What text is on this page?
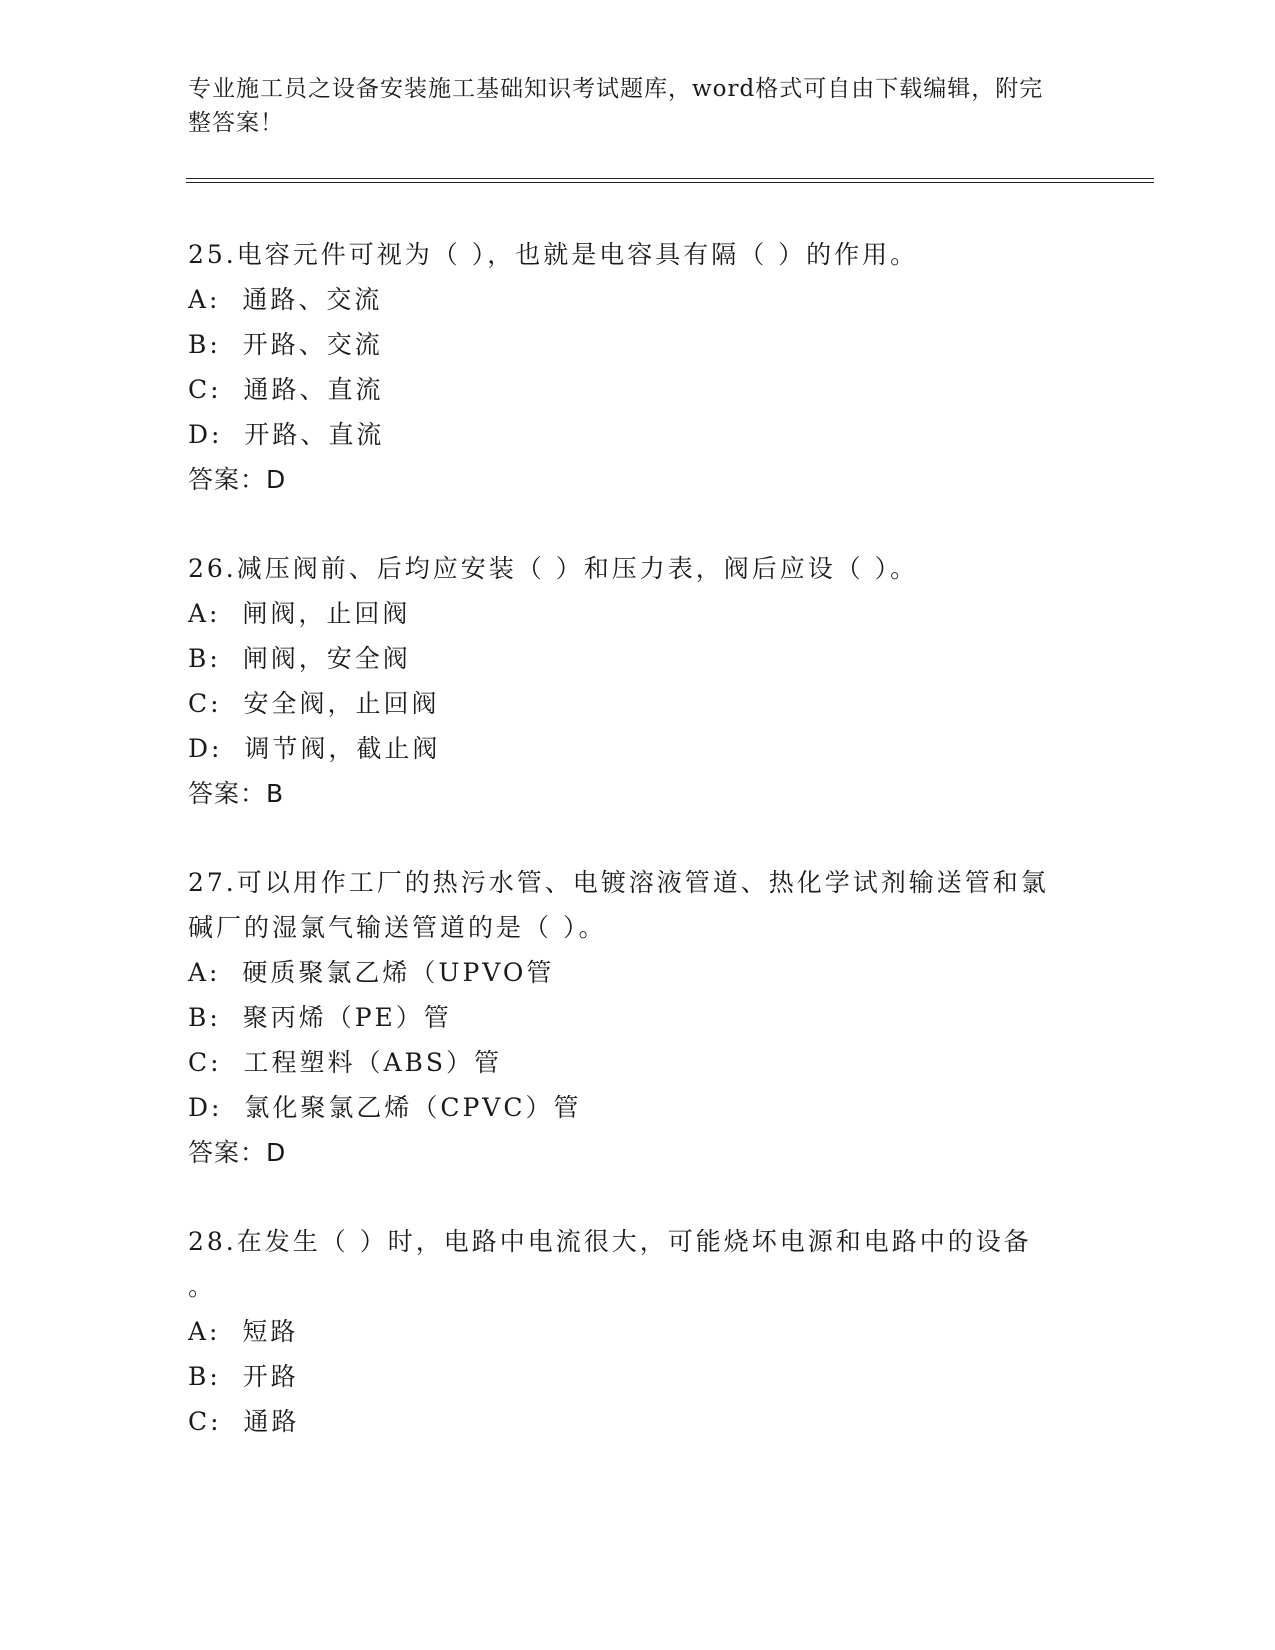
专业施工员之设备安装施工基础知识考试题库，word格式可自由下载编辑，附完
整答案！
25.电容元件可视为（ ），也就是电容具有隔（ ）的作用。
A:  通路、交流
B:  开路、交流
C:  通路、直流
D:  开路、直流
答案：D
26.减压阀前、后均应安装（ ）和压力表，阀后应设（ ）。
A:  闸阀，止回阀
B:  闸阀，安全阀
C:  安全阀，止回阀
D:  调节阀，截止阀
答案：B
27.可以用作工厂的热污水管、电镀溶液管道、热化学试剂输送管和氯
碱厂的湿氯气输送管道的是（ ）。
A:  硬质聚氯乙烯（UPVO管
B:  聚丙烯（PE）管
C:  工程塑料（ABS）管
D:  氯化聚氯乙烯（CPVC）管
答案：D
28.在发生（ ）时，电路中电流很大，可能烧坏电源和电路中的设备
。
A:  短路
B:  开路
C:  通路
